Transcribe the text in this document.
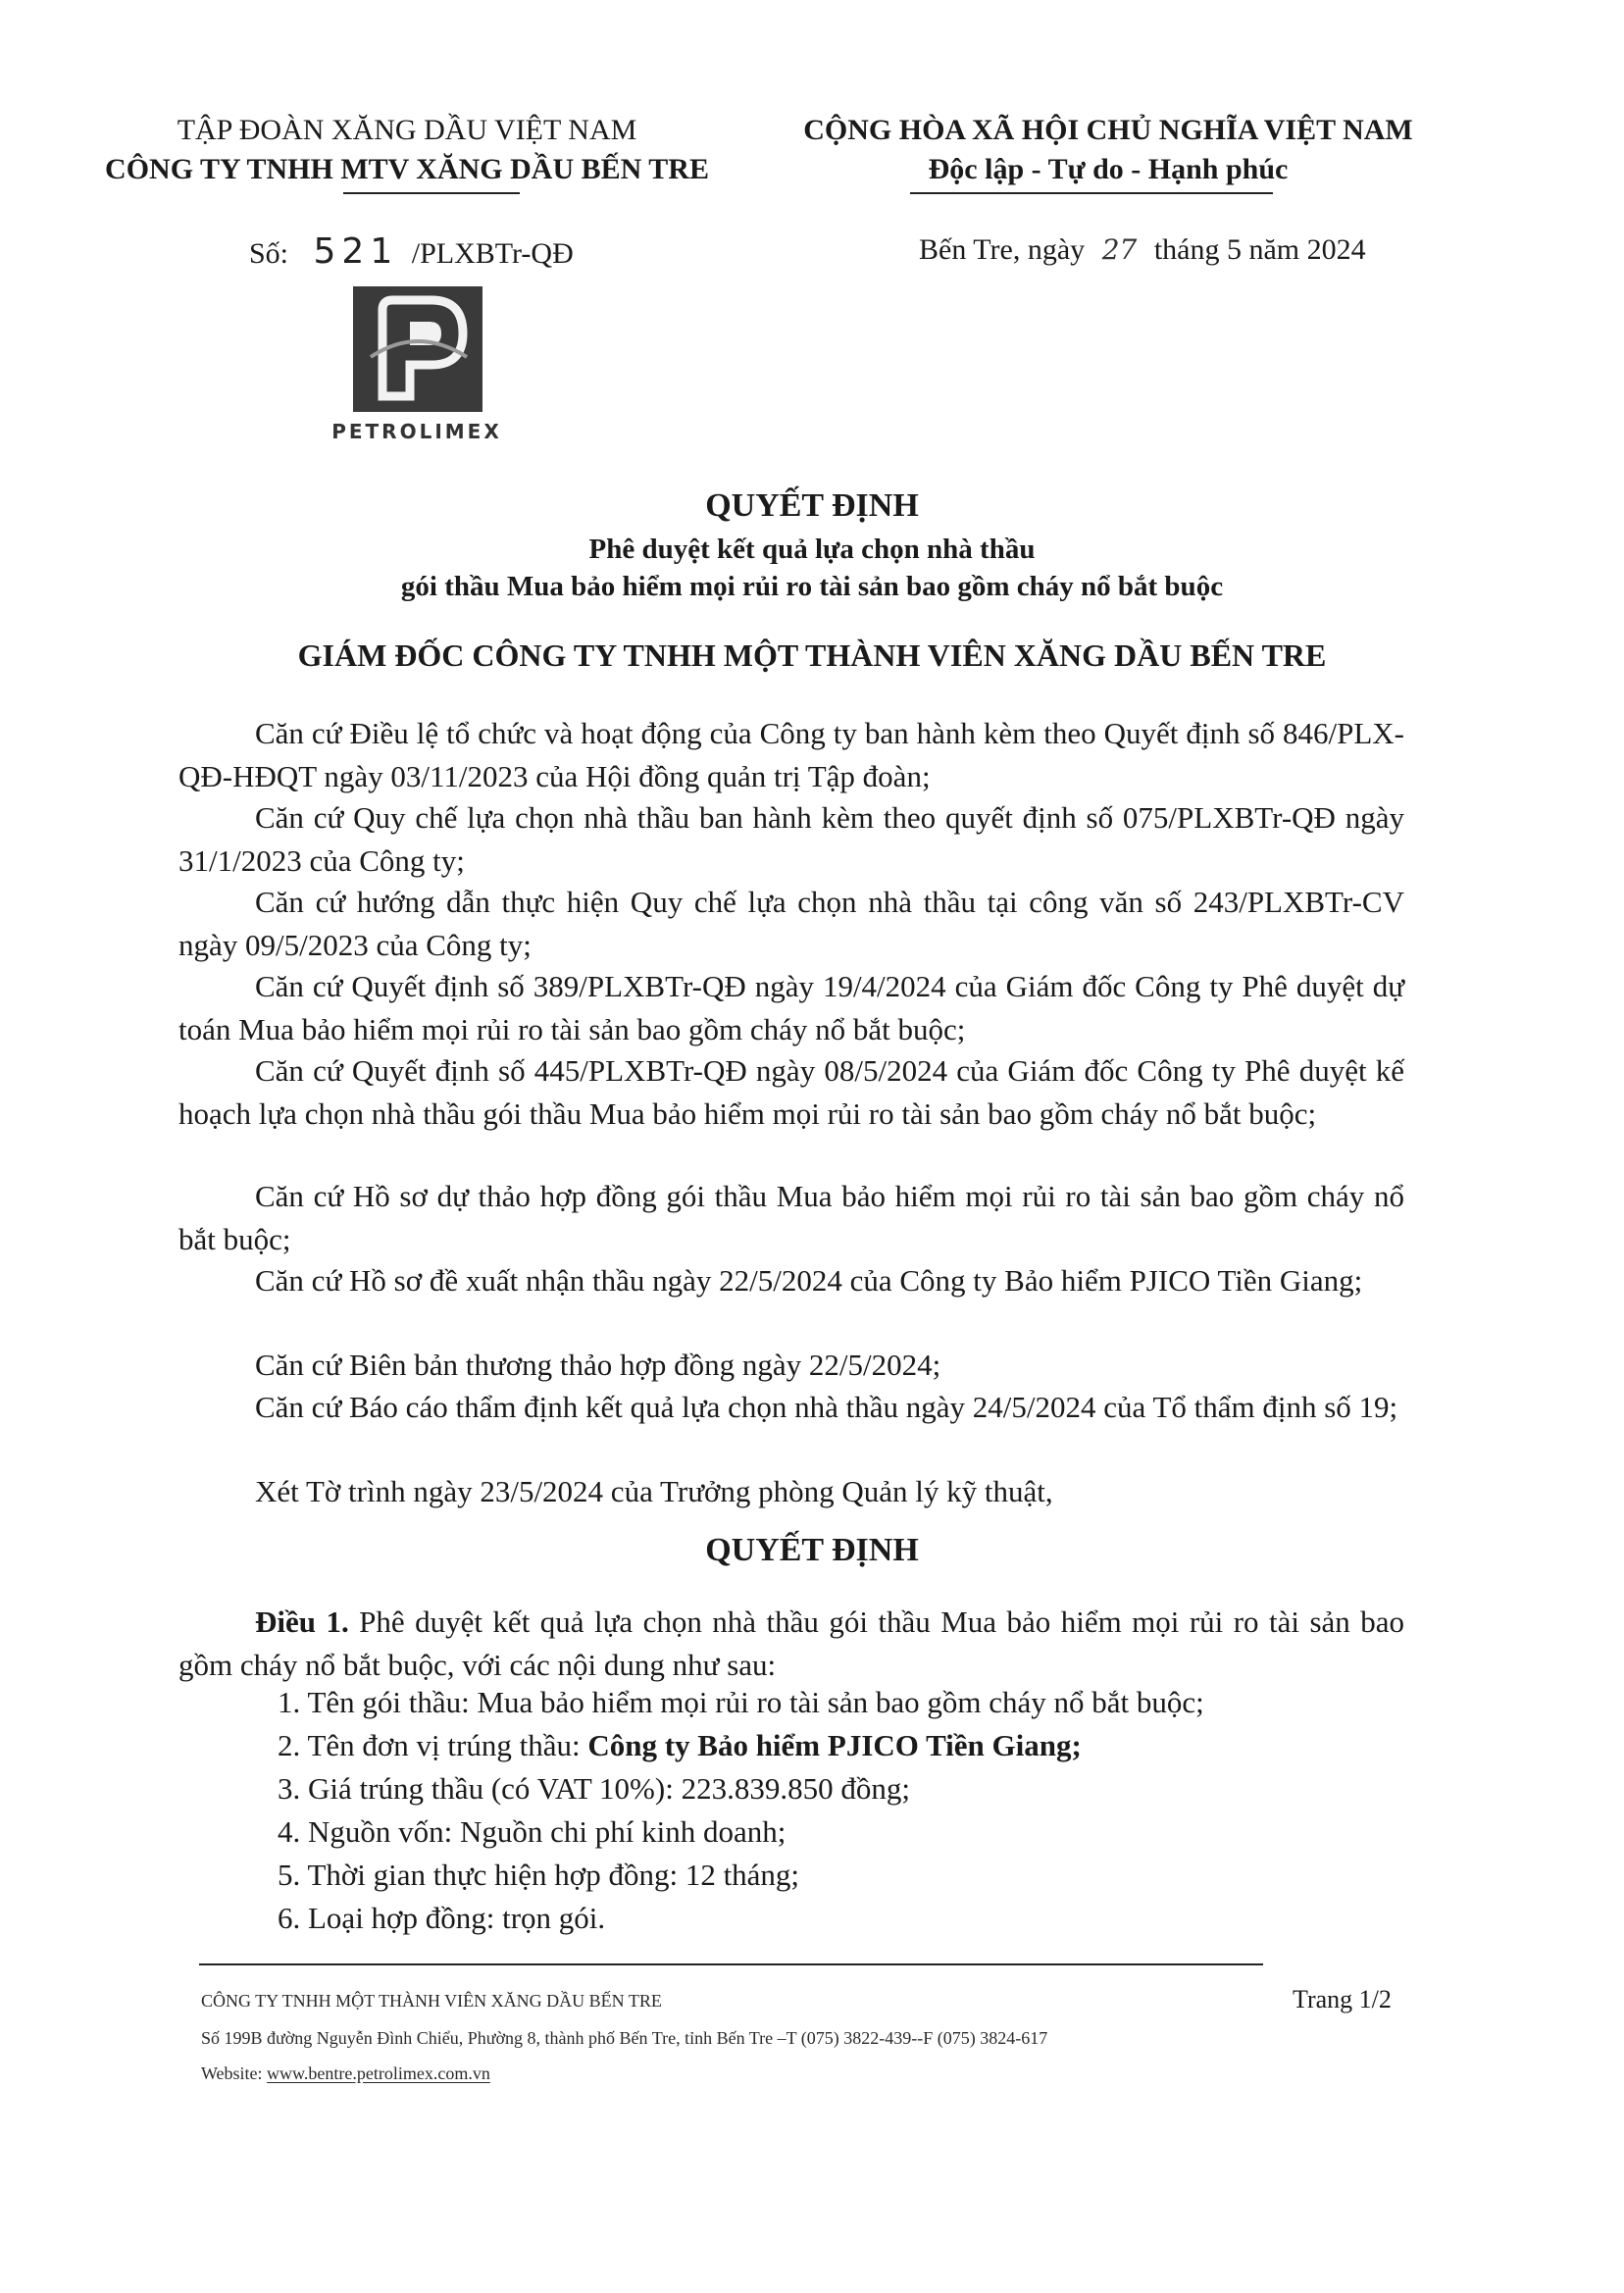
TẬP ĐOÀN XĂNG DẦU VIỆT NAM
CÔNG TY TNHH MTV XĂNG DẦU BẾN TRE
CỘNG HÒA XÃ HỘI CHỦ NGHĨA VIỆT NAM
Độc lập - Tự do - Hạnh phúc
Số: 521 /PLXBTr-QĐ	Bến Tre, ngày 27 tháng 5 năm 2024
PETROLIMEX
QUYẾT ĐỊNH
Phê duyệt kết quả lựa chọn nhà thầu
gói thầu Mua bảo hiểm mọi rủi ro tài sản bao gồm cháy nổ bắt buộc
GIÁM ĐỐC CÔNG TY TNHH MỘT THÀNH VIÊN XĂNG DẦU BẾN TRE
Căn cứ Điều lệ tổ chức và hoạt động của Công ty ban hành kèm theo Quyết định số 846/PLX-QĐ-HĐQT ngày 03/11/2023 của Hội đồng quản trị Tập đoàn;
Căn cứ Quy chế lựa chọn nhà thầu ban hành kèm theo quyết định số 075/PLXBTr-QĐ ngày 31/1/2023 của Công ty;
Căn cứ hướng dẫn thực hiện Quy chế lựa chọn nhà thầu tại công văn số 243/PLXBTr-CV ngày 09/5/2023 của Công ty;
Căn cứ Quyết định số 389/PLXBTr-QĐ ngày 19/4/2024 của Giám đốc Công ty Phê duyệt dự toán Mua bảo hiểm mọi rủi ro tài sản bao gồm cháy nổ bắt buộc;
Căn cứ Quyết định số 445/PLXBTr-QĐ ngày 08/5/2024 của Giám đốc Công ty Phê duyệt kế hoạch lựa chọn nhà thầu gói thầu Mua bảo hiểm mọi rủi ro tài sản bao gồm cháy nổ bắt buộc;
Căn cứ Hồ sơ dự thảo hợp đồng gói thầu Mua bảo hiểm mọi rủi ro tài sản bao gồm cháy nổ bắt buộc;
Căn cứ Hồ sơ đề xuất nhận thầu ngày 22/5/2024 của Công ty Bảo hiểm PJICO Tiền Giang;
Căn cứ Biên bản thương thảo hợp đồng ngày 22/5/2024;
Căn cứ Báo cáo thẩm định kết quả lựa chọn nhà thầu ngày 24/5/2024 của Tổ thẩm định số 19;
Xét Tờ trình ngày 23/5/2024 của Trưởng phòng Quản lý kỹ thuật,
QUYẾT ĐỊNH
Điều 1. Phê duyệt kết quả lựa chọn nhà thầu gói thầu Mua bảo hiểm mọi rủi ro tài sản bao gồm cháy nổ bắt buộc, với các nội dung như sau:
1. Tên gói thầu: Mua bảo hiểm mọi rủi ro tài sản bao gồm cháy nổ bắt buộc;
2. Tên đơn vị trúng thầu: Công ty Bảo hiểm PJICO Tiền Giang;
3. Giá trúng thầu (có VAT 10%): 223.839.850 đồng;
4. Nguồn vốn: Nguồn chi phí kinh doanh;
5. Thời gian thực hiện hợp đồng: 12 tháng;
6. Loại hợp đồng: trọn gói.
CÔNG TY TNHH MỘT THÀNH VIÊN XĂNG DẦU BẾN TRE	Trang 1/2
Số 199B đường Nguyễn Đình Chiểu, Phường 8, thành phố Bến Tre, tỉnh Bến Tre –T (075) 3822-439--F (075) 3824-617
Website: www.bentre.petrolimex.com.vn
